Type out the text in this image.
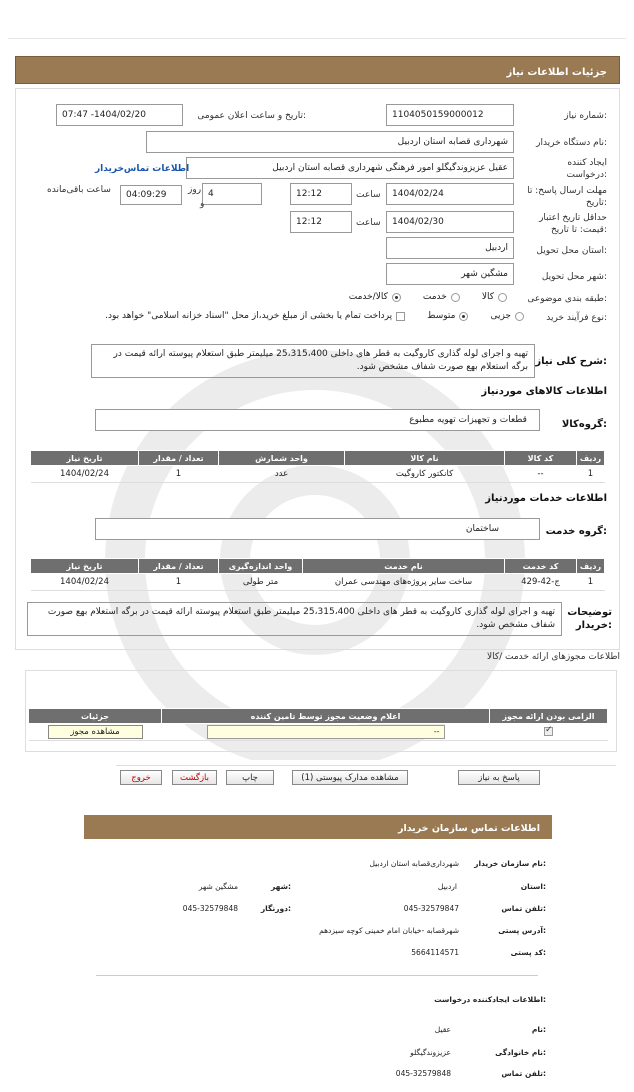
جزئیات اطلاعات نیاز
شماره نیاز:
1104050159000012
تاریخ و ساعت اعلان عمومی:
1404/02/20- 07:47
نام دستگاه خریدار:
شهرداری قصابه استان اردبیل
ایجاد کننده درخواست:
عقیل عزیزوندگیگلو امور فرهنگی شهرداری قصابه استان اردبیل
اطلاعات تماس‌خریدار
مهلت ارسال پاسخ: تا تاریخ:
1404/02/24
ساعت
12:12
4
روز
و
04:09:29
ساعت باقی‌مانده
حداقل تاریخ اعتبار قیمت: تا تاریخ:
1404/02/30
ساعت
12:12
استان محل تحویل:
اردبیل
شهر محل تحویل:
مشگین شهر
طبقه بندی موضوعی:
کالا
خدمت
کالا/خدمت
نوع فرآیند خرید:
جزیی
متوسط
پرداخت تمام یا بخشی از مبلغ خرید،از محل "اسناد خزانه اسلامی" خواهد بود.
شرح کلی نیاز:
تهیه و اجرای لوله گذاری کاروگیت به قطر های داخلی 25،315،400 میلیمتر طبق استعلام پیوسته ارائه قیمت در برگه استعلام بهع صورت شفاف مشخص شود.
اطلاعات کالاهای موردنیاز
گروه‌کالا:
قطعات و تجهیزات تهویه مطبوع
ردیف	کد کالا	نام کالا	واحد شمارش	تعداد / مقدار	تاریخ نیاز
1	--	کانکتور کاروگیت	عدد	1	1404/02/24
اطلاعات خدمات موردنیاز
گروه خدمت:
ساختمان
ردیف	کد خدمت	نام خدمت	واحد اندازه‌گیری	تعداد / مقدار	تاریخ نیاز
1	ج-42-429	ساخت سایر پروژه‌های مهندسی عمران	متر طولی	1	1404/02/24
توضیحات خریدار:
تهیه و اجرای لوله گذاری کاروگیت به قطر های داخلی 25،315،400 میلیمتر طبق استعلام پیوسته ارائه قیمت در برگه استعلام بهع صورت شفاف مشخص شود.
اطلاعات مجوزهای ارائه خدمت /کالا
الزامی بودن ارائه مجوز	اعلام وضعیت مجوز توسط تامین کننده	جزئیات

✓	--	مشاهده مجوز
پاسخ به نیاز
مشاهده مدارک پیوستی (1)
چاپ
بازگشت
خروج
اطلاعات تماس سازمان خریدار
نام سازمان خریدار:
شهرداری‌قصابه استان اردبیل
استان:
اردبیل
شهر:
مشگین شهر
تلفن تماس:
045-32579847
دورنگار:
045-32579848
آدرس پستی:
شهرقصابه -خیابان امام خمینی کوچه سیزدهم
کد پستی:
5664114571
اطلاعات ایجادکننده درخواست:
نام:
عقیل
نام خانوادگی:
عزیزوندگیگلو
تلفن تماس:
045-32579848
